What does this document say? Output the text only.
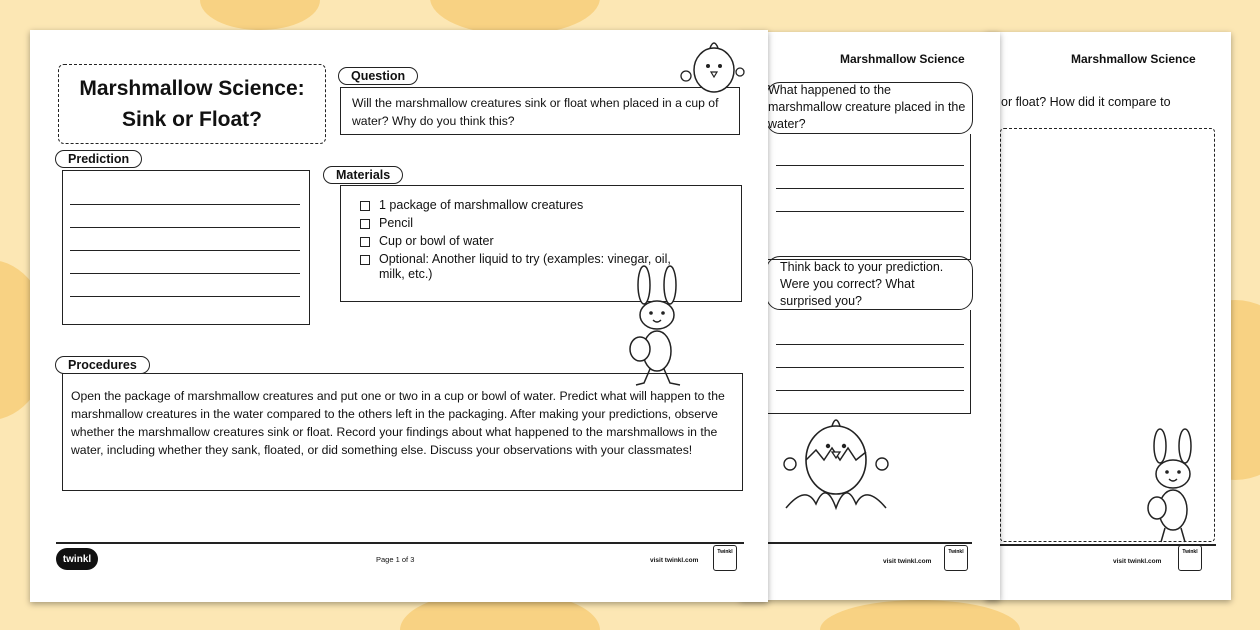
Marshmallow Science
or float? How did it compare to
visit twinkl.com
Twinkl
Marshmallow Science
What happened to the marshmallow creature placed in the water?
Think back to your prediction. Were you correct? What surprised you?
visit twinkl.com
Twinkl
Marshmallow Science:
Sink or Float?
Question
Will the marshmallow creatures sink or float when placed in a cup of water? Why do you think this?
Prediction
Materials
1 package of marshmallow creatures
Pencil
Cup or bowl of water
Optional: Another liquid to try (examples: vinegar, oil, milk, etc.)
Procedures
Open the package of marshmallow creatures and put one or two in a cup or bowl of water. Predict what will happen to the marshmallow creatures in the water compared to the others left in the packaging. After making your predictions, observe whether the marshmallow creatures sink or float. Record your findings about what happened to the marshmallows in the water, including whether they sank, floated, or did something else. Discuss your observations with your classmates!
twinkl	Page 1 of 3	visit twinkl.com
Twinkl
